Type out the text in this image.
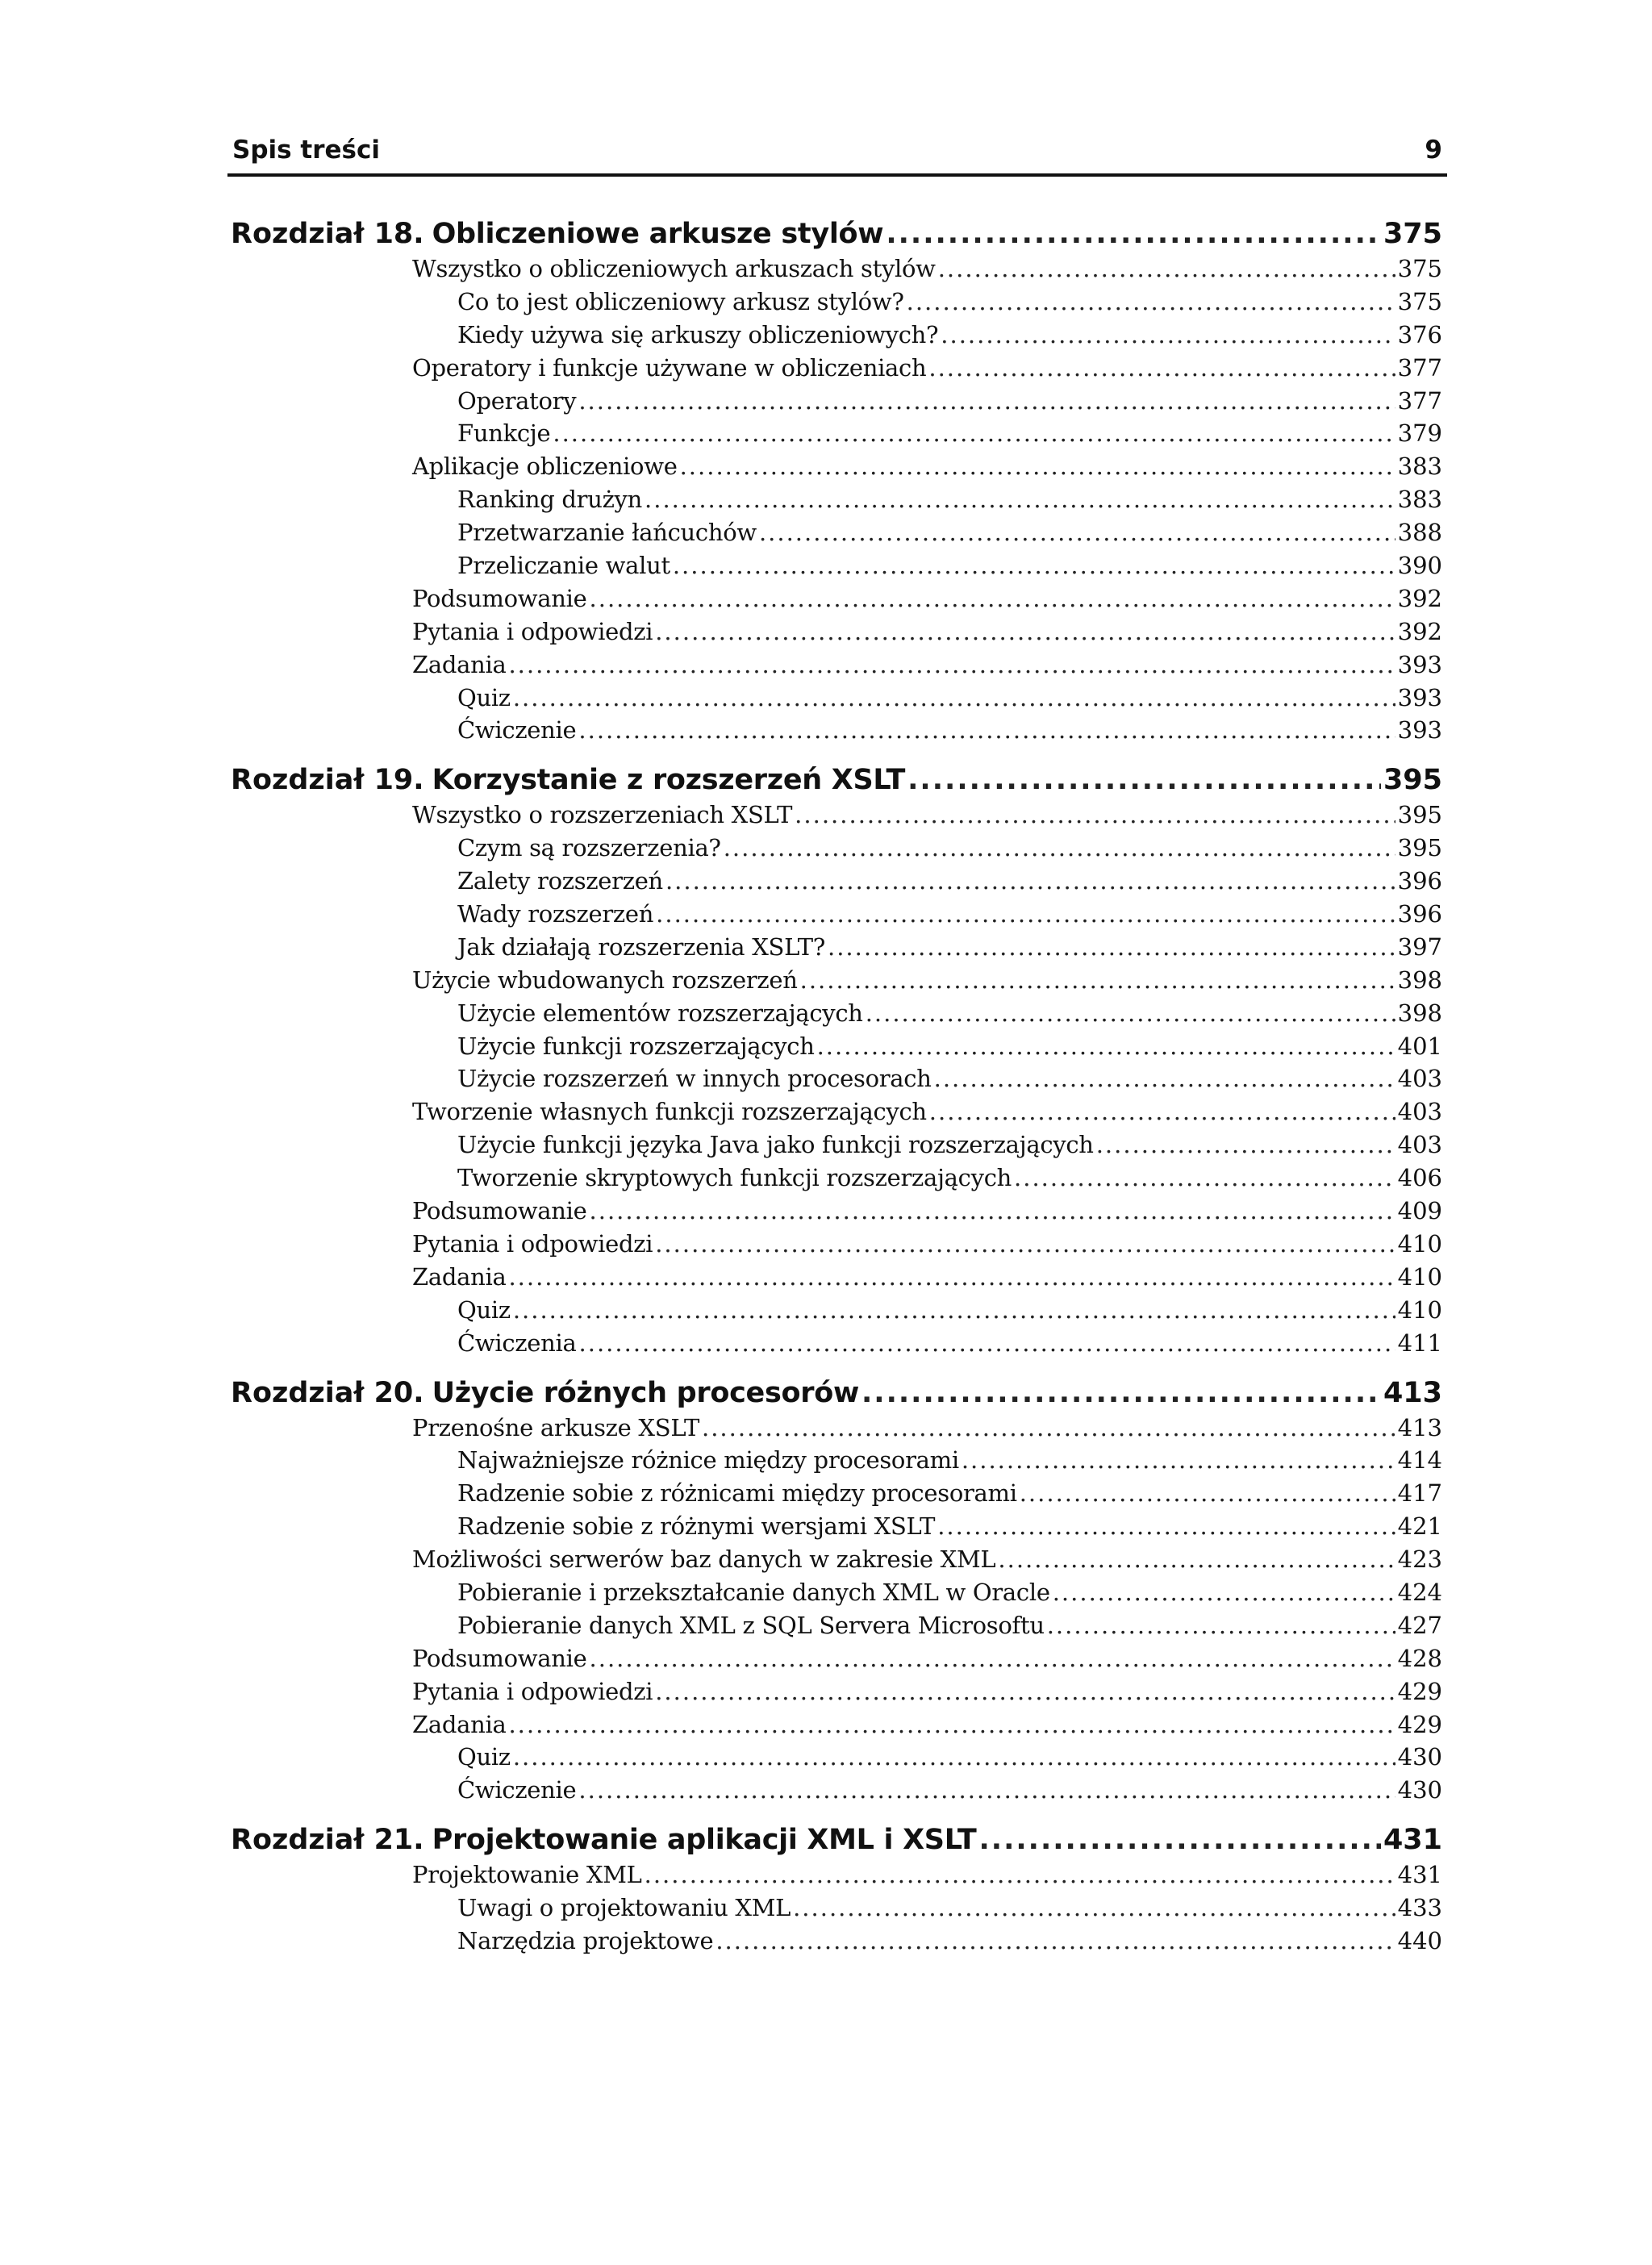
Spis treści	9
Rozdział 18. Obliczeniowe arkusze stylów .....	375
Wszystko o obliczeniowych arkuszach stylów .....	375
Co to jest obliczeniowy arkusz stylów? .....	375
Kiedy używa się arkuszy obliczeniowych? .....	376
Operatory i funkcje używane w obliczeniach .....	377
Operatory .....	377
Funkcje .....	379
Aplikacje obliczeniowe .....	383
Ranking drużyn .....	383
Przetwarzanie łańcuchów .....	388
Przeliczanie walut .....	390
Podsumowanie .....	392
Pytania i odpowiedzi .....	392
Zadania .....	393
Quiz .....	393
Ćwiczenie .....	393
Rozdział 19. Korzystanie z rozszerzeń XSLT .....	395
Wszystko o rozszerzeniach XSLT .....	395
Czym są rozszerzenia? .....	395
Zalety rozszerzeń .....	396
Wady rozszerzeń .....	396
Jak działają rozszerzenia XSLT? .....	397
Użycie wbudowanych rozszerzeń .....	398
Użycie elementów rozszerzających .....	398
Użycie funkcji rozszerzających .....	401
Użycie rozszerzeń w innych procesorach .....	403
Tworzenie własnych funkcji rozszerzających .....	403
Użycie funkcji języka Java jako funkcji rozszerzających .....	403
Tworzenie skryptowych funkcji rozszerzających .....	406
Podsumowanie .....	409
Pytania i odpowiedzi .....	410
Zadania .....	410
Quiz .....	410
Ćwiczenia .....	411
Rozdział 20. Użycie różnych procesorów .....	413
Przenośne arkusze XSLT .....	413
Najważniejsze różnice między procesorami .....	414
Radzenie sobie z różnicami między procesorami .....	417
Radzenie sobie z różnymi wersjami XSLT .....	421
Możliwości serwerów baz danych w zakresie XML .....	423
Pobieranie i przekształcanie danych XML w Oracle .....	424
Pobieranie danych XML z SQL Servera Microsoftu .....	427
Podsumowanie .....	428
Pytania i odpowiedzi .....	429
Zadania .....	429
Quiz .....	430
Ćwiczenie .....	430
Rozdział 21. Projektowanie aplikacji XML i XSLT .....	431
Projektowanie XML .....	431
Uwagi o projektowaniu XML .....	433
Narzędzia projektowe .....	440
